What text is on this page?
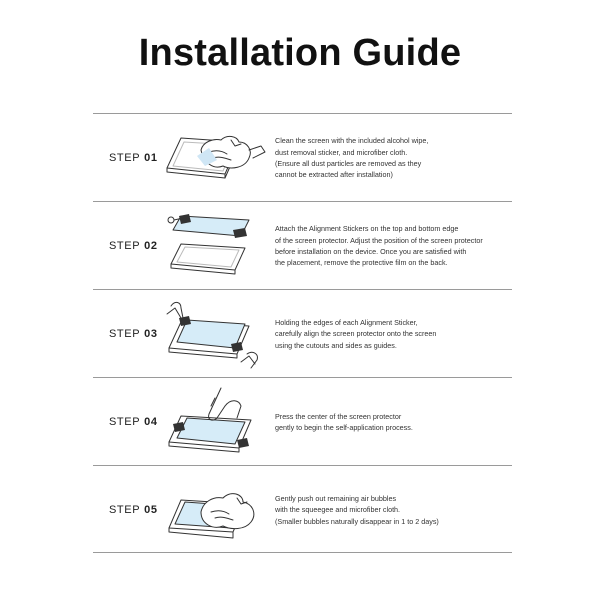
Installation Guide
STEP 01
Clean the screen with the included alcohol wipe,
dust removal sticker, and microfiber cloth.
(Ensure all dust particles are removed as they
cannot be extracted after installation)
STEP 02
Attach the Alignment Stickers on the top and bottom edge
of the screen protector. Adjust the position of the screen protector
before installation on the device. Once you are satisfied with
the placement, remove the protective film on the back.
STEP 03
Holding the edges of each Alignment Sticker,
carefully align the screen protector onto the screen
using the cutouts and sides as guides.
STEP 04	Press the center of the screen protector
gently to begin the self-application process.
STEP 05
Gently push out remaining air bubbles
with the squeegee and microfiber cloth.
(Smaller bubbles naturally disappear in 1 to 2 days)
